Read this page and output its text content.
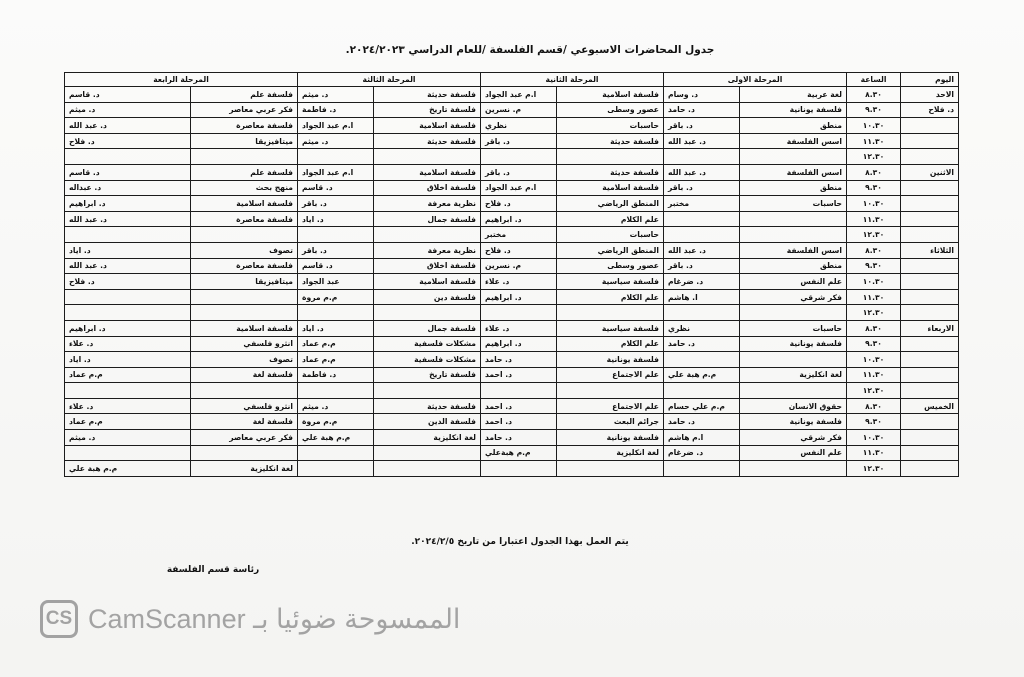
جدول المحاضرات الاسبوعي /قسم الفلسفة /للعام الدراسي ٢٠٢٤/٢٠٢٣.
اليوم	الساعة	المرحلة الاولى		المرحلة الثانية		المرحلة الثالثة		المرحلة الرابعة	
الاحد	٨.٣٠	لغة عربية	د. وسام	فلسفة اسلامية	ا.م عبد الجواد	فلسفة حديثة	د. ميثم	فلسفة علم	د. قاسم
د. فلاح	٩.٣٠	فلسفة يونانية	د. حامد	عصور وسطى	م. نسرين	فلسفة تاريخ	د. فاطمة	فكر عربي معاصر	د. ميثم
	١٠.٣٠	منطق	د. باقر	حاسبات	نظري	فلسفة اسلامية	ا.م عبد الجواد	فلسفة معاصرة	د. عبد الله
	١١.٣٠	اسس الفلسفة	د. عبد الله	فلسفة حديثة	د. باقر	فلسفة حديثة	د. ميثم	ميتافيزيقا	د. فلاح
	١٢.٣٠								
الاثنين	٨.٣٠	اسس الفلسفة	د. عبد الله	فلسفة حديثة	د. باقر	فلسفة اسلامية	ا.م عبد الجواد	فلسفة علم	د. قاسم
	٩.٣٠	منطق	د. باقر	فلسفة اسلامية	ا.م عبد الجواد	فلسفة اخلاق	د. قاسم	منهج بحث	د. عبداله
	١٠.٣٠	حاسبات	مختبر	المنطق الرياضي	د. فلاح	نظرية معرفة	د. باقر	فلسفة اسلامية	د. ابراهيم
	١١.٣٠			علم الكلام	د. ابراهيم	فلسفة جمال	د. اياد	فلسفة معاصرة	د. عبد الله
	١٢.٣٠			حاسبات	مختبر				
الثلاثاء	٨.٣٠	اسس الفلسفة	د. عبد الله	المنطق الرياضي	د. فلاح	نظرية معرفة	د. باقر	تصوف	د. اياد
	٩.٣٠	منطق	د. باقر	عصور وسطى	م. نسرين	فلسفة اخلاق	د. قاسم	فلسفة معاصرة	د. عبد الله
	١٠.٣٠	علم النفس	د. ضرغام	فلسفة سياسية	د. علاء	فلسفة اسلامية	عبد الجواد	ميتافيزيقا	د. فلاح
	١١.٣٠	فكر شرقي	ا. هاشم	علم الكلام	د. ابراهيم	فلسفة دين	م.م مروة		
	١٢.٣٠								
الاربعاء	٨.٣٠	حاسبات	نظري	فلسفة سياسية	د. علاء	فلسفة جمال	د. اياد	فلسفة اسلامية	د. ابراهيم
	٩.٣٠	فلسفة يونانية	د. حامد	علم الكلام	د. ابراهيم	مشكلات فلسفية	م.م عماد	انثرو فلسفي	د. علاء
	١٠.٣٠			فلسفة يونانية	د. حامد	مشكلات فلسفية	م.م عماد	تصوف	د. اياد
	١١.٣٠	لغة انكليزية	م.م هبة علي	علم الاجتماع	د. احمد	فلسفة تاريخ	د. فاطمة	فلسفة لغة	م.م عماد
	١٢.٣٠								
الخميس	٨.٣٠	حقوق الانسان	م.م علي حسام	علم الاجتماع	د. احمد	فلسفة حديثة	د. ميثم	انثرو فلسفي	د. علاء
	٩.٣٠	فلسفة يونانية	د. حامد	جرائم البعث	د. احمد	فلسفة الدين	م.م مروة	فلسفة لغة	م.م عماد
	١٠.٣٠	فكر شرقي	ا.م هاشم	فلسفة يونانية	د. حامد	لغة انكليزية	م.م هبة علي	فكر عربي معاصر	د. ميثم
	١١.٣٠	علم النفس	د. ضرغام	لغة انكليزية	م.م هبةعلي				
	١٢.٣٠							لغة انكليزية	م.م هبة علي
يتم العمل بهذا الجدول اعتبارا من تاريخ ٢٠٢٤/٢/٥.
رئاسة قسم الفلسفة
CS CamScanner الممسوحة ضوئيا بـ
